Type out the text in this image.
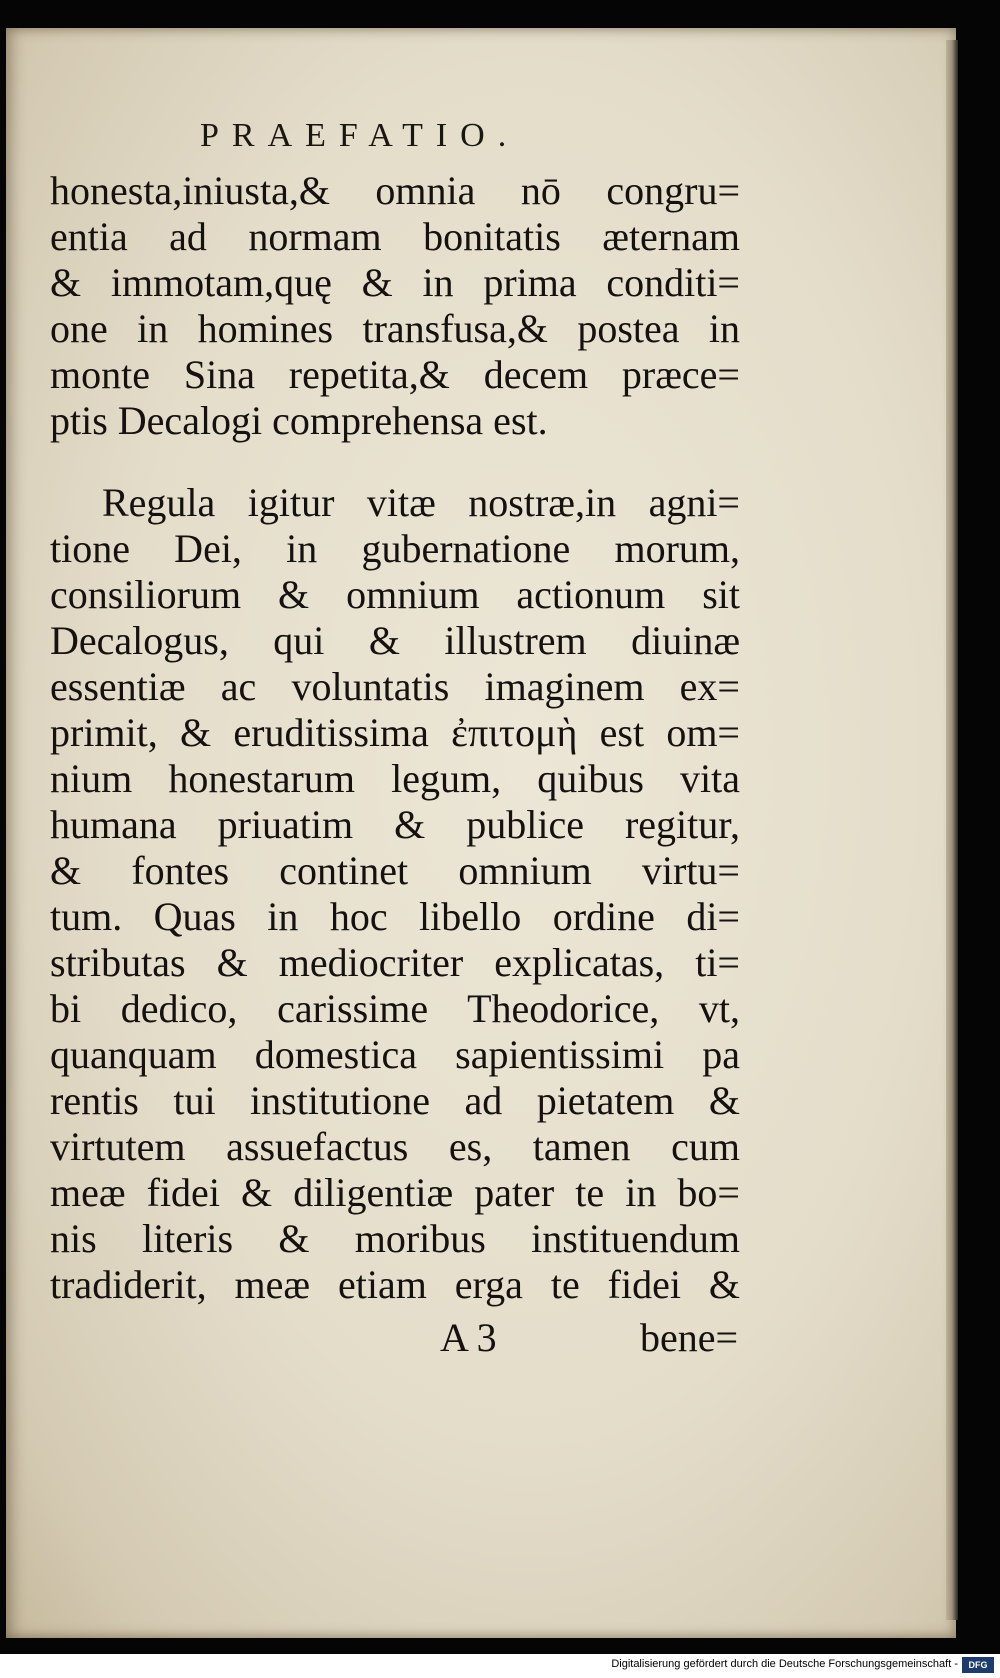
PRAEFATIO.
honesta,iniusta,& omnia nō congru=
entia ad normam bonitatis æternam
& immotam,quę & in prima conditi=
one in homines transfusa,& postea in
monte Sina repetita,& decem præce=
ptis Decalogi comprehensa est.
Regula igitur vitæ nostræ,in agni=
tione Dei, in gubernatione morum,
consiliorum & omnium actionum sit
Decalogus, qui & illustrem diuinæ
essentiæ ac voluntatis imaginem ex=
primit, & eruditissima ἐπιτομὴ est om=
nium honestarum legum, quibus vita
humana priuatim & publice regitur,
& fontes continet omnium virtu=
tum. Quas in hoc libello ordine di=
stributas & mediocriter explicatas, ti=
bi dedico, carissime Theodorice, vt,
quanquam domestica sapientissimi pa
rentis tui institutione ad pietatem &
virtutem assuefactus es, tamen cum
meæ fidei & diligentiæ pater te in bo=
nis literis & moribus instituendum
tradiderit, meæ etiam erga te fidei &
A 3	bene=
Digitalisierung gefördert durch die Deutsche Forschungsgemeinschaft -	DFG
